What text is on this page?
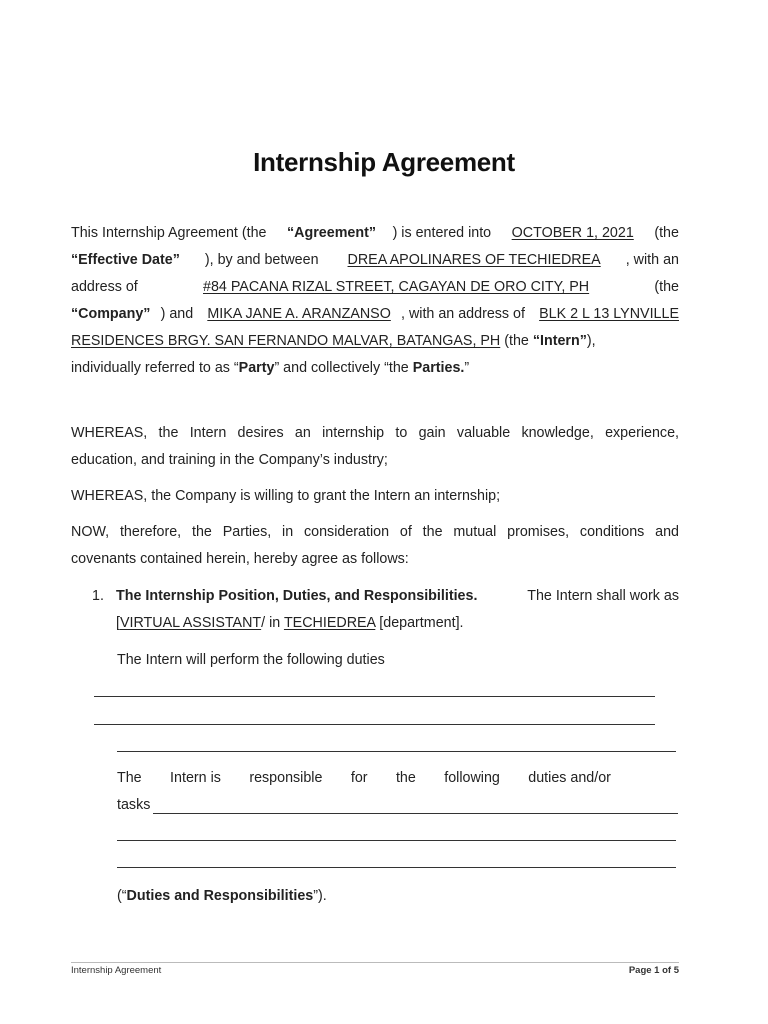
Internship Agreement
This Internship Agreement (the “Agreement” ) is entered into OCTOBER 1, 2021 (the
“Effective Date” ), by and between DREA APOLINARES OF TECHIEDREA , with an
address of	#84 PACANA RIZAL STREET, CAGAYAN DE ORO CITY, PH	(the
“Company” ) and MIKA JANE A. ARANZANSO , with an address of BLK 2 L 13 LYNVILLE
RESIDENCES BRGY. SAN FERNANDO MALVAR, BATANGAS, PH (the “Intern”),
individually referred to as “Party” and collectively “the Parties.”
WHEREAS, the Intern desires an internship to gain valuable knowledge, experience,
education, and training in the Company’s industry;
WHEREAS, the Company is willing to grant the Intern an internship;
NOW, therefore, the Parties, in consideration of the mutual promises, conditions and
covenants contained herein, hereby agree as follows:
1. The Internship Position, Duties, and Responsibilities.	The Intern shall work as
[VIRTUAL ASSISTANT/ in TECHIEDREA [department].
The Intern will perform the following duties
The Intern is responsible for the following duties and/or
tasks
(“Duties and Responsibilities”).
Internship Agreement	Page 1 of 5
